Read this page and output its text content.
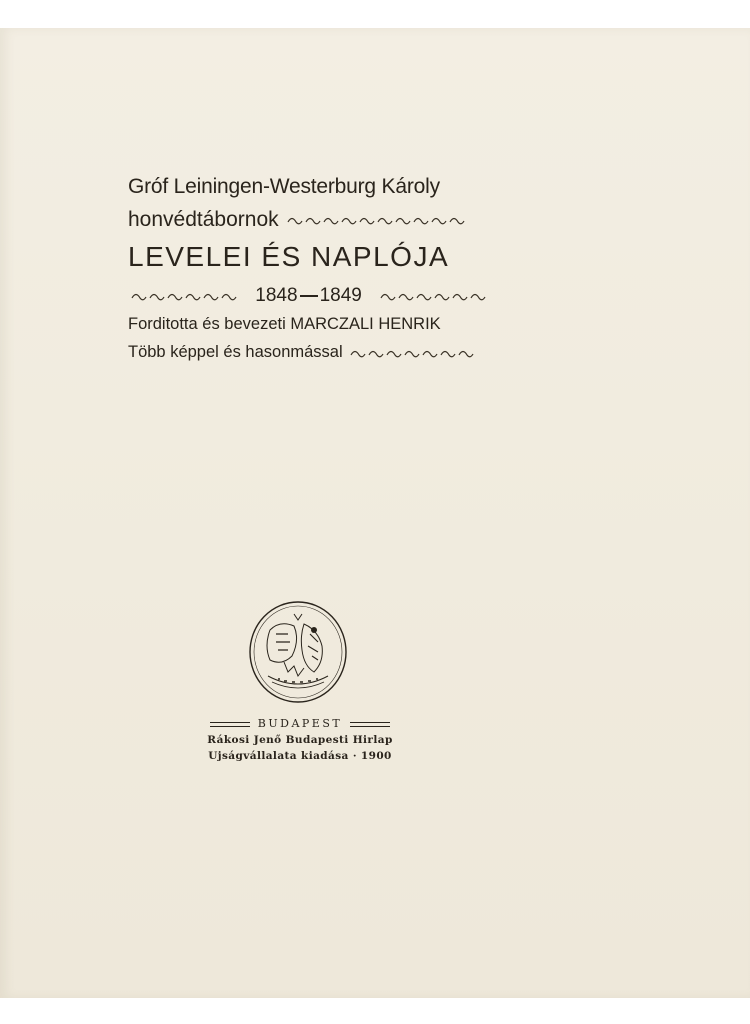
Gróf Leiningen-Westerburg Károly
honvédtábornok
LEVELEI ÉS NAPLÓJA
1848 1849
Forditotta és bevezeti MARCZALI HENRIK
Több képpel és hasonmással
BUDAPEST
Rákosi Jenő Budapesti Hirlap
Ujságvállalata kiadása · 1900
